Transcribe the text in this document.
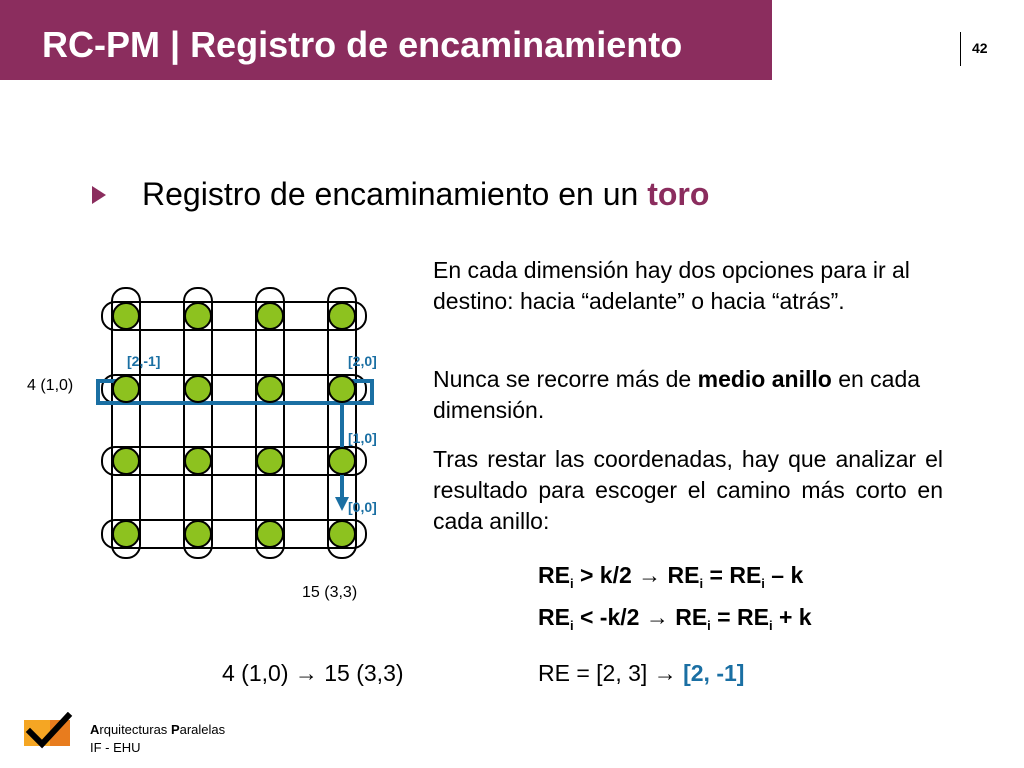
RC-PM | Registro de encaminamiento	42
Registro de encaminamiento en un toro
En cada dimensión hay dos opciones para ir al destino: hacia “adelante” o hacia “atrás”.
Nunca se recorre más de medio anillo en cada dimensión.
Tras restar las coordenadas, hay que analizar el resultado para escoger el camino más corto en cada anillo:
$RE_i > k/2 \to RE_i = RE_i - k$
$RE_i < -k/2 \to RE_i = RE_i + k$
4 (1,0) → 15 (3,3)	RE = [2, 3] → [2, -1]
4 (1,0)
15 (3,3)
[2,-1]	[2,0]
[1,0]
[0,0]
Arquitecturas Paralelas
IF - EHU
